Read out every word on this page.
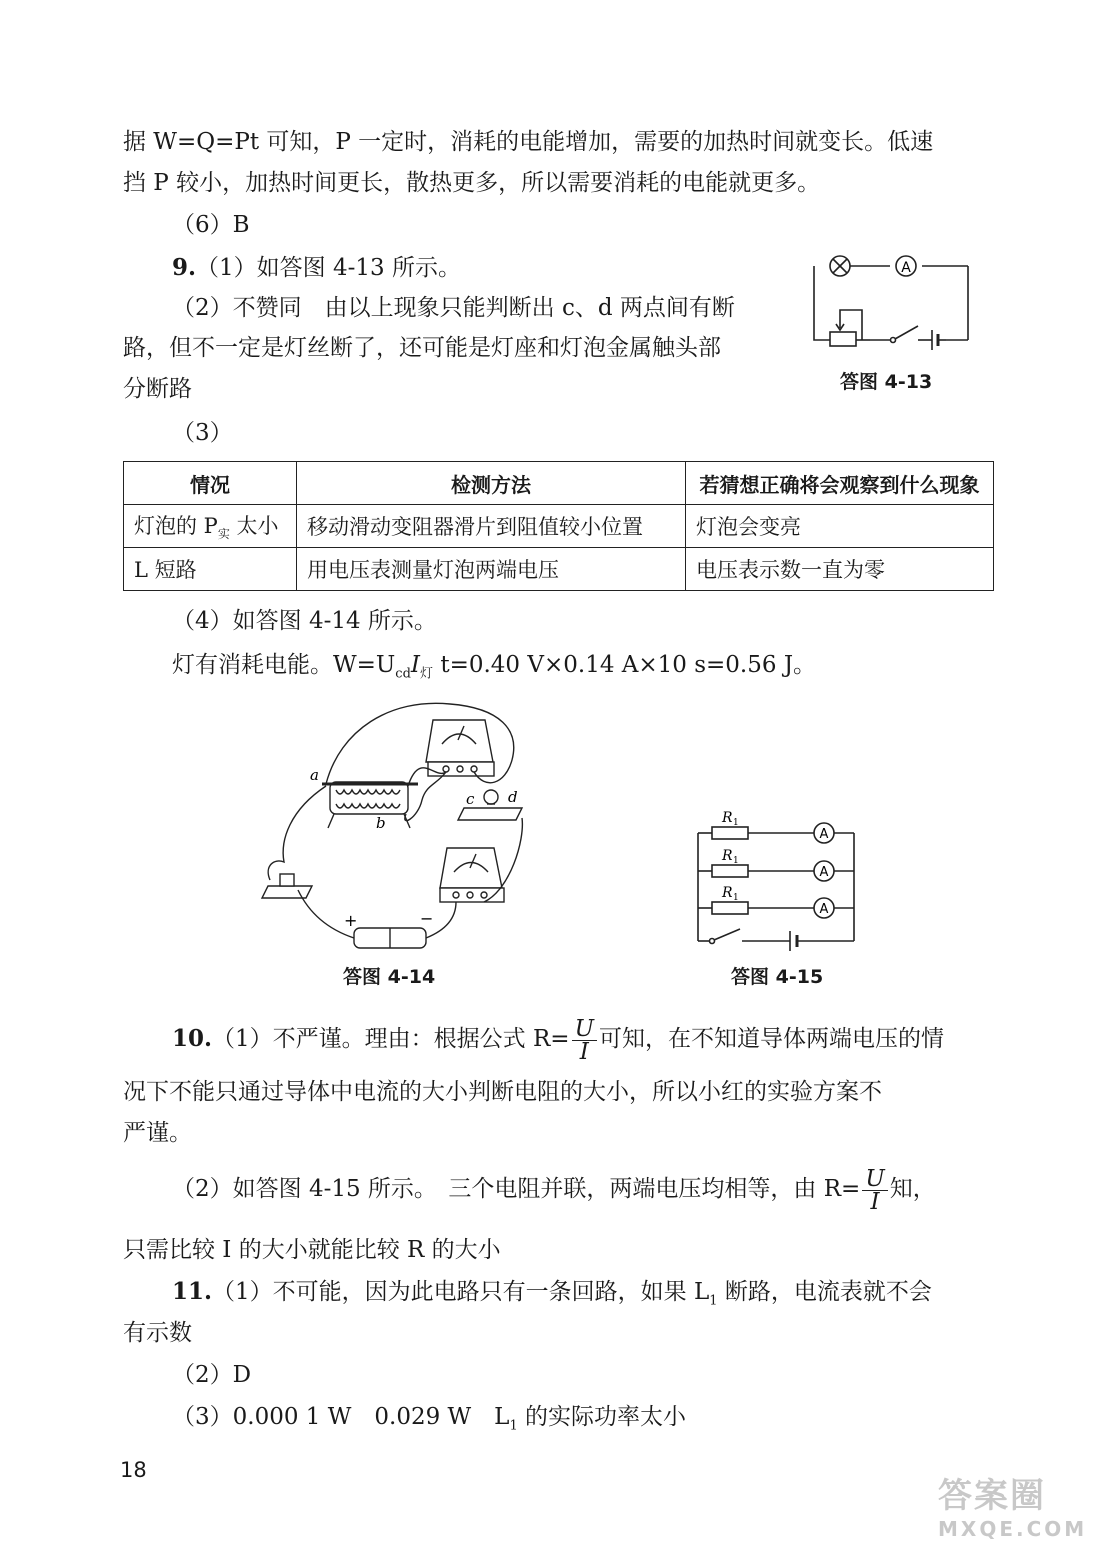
据 W=Q=Pt 可知，P 一定时，消耗的电能增加，需要的加热时间就变长。低速
挡 P 较小，加热时间更长，散热更多，所以需要消耗的电能就更多。
（6）B
9.（1）如答图 4-13 所示。
（2）不赞同　由以上现象只能判断出 c、d 两点间有断
路，但不一定是灯丝断了，还可能是灯座和灯泡金属触头部
分断路
（3）
A
答图 4-13
情况	检测方法	若猜想正确将会观察到什么现象
灯泡的 $P_实$ 太小	移动滑动变阻器滑片到阻值较小位置	灯泡会变亮
L 短路	用电压表测量灯泡两端电压	电压表示数一直为零
（4）如答图 4-14 所示。
灯有消耗电能。$W=U_{cd}I_灯$ t=0.40 V×0.14 A×10 s=0.56 J。
a
b
c d
+	−
答图 4-14
R
R
R
1
1
1
A
A
A
答图 4-15
10.（1）不严谨。理由：根据公式 $R= \frac{U}{I}$ 可知，在不知道导体两端电压的情
况下不能只通过导体中电流的大小判断电阻的大小，所以小红的实验方案不
严谨。
（2）如答图 4-15 所示。　三个电阻并联，两端电压均相等，由 $R= \frac{U}{I}$ 知，
只需比较 I 的大小就能比较 R 的大小
11.（1）不可能，因为此电路只有一条回路，如果 $L_1$ 断路，电流表就不会
有示数
（2）D
（3）0.000 1 W　0.029 W　$L_1$ 的实际功率太小
18
答案圈
MXQE.COM
